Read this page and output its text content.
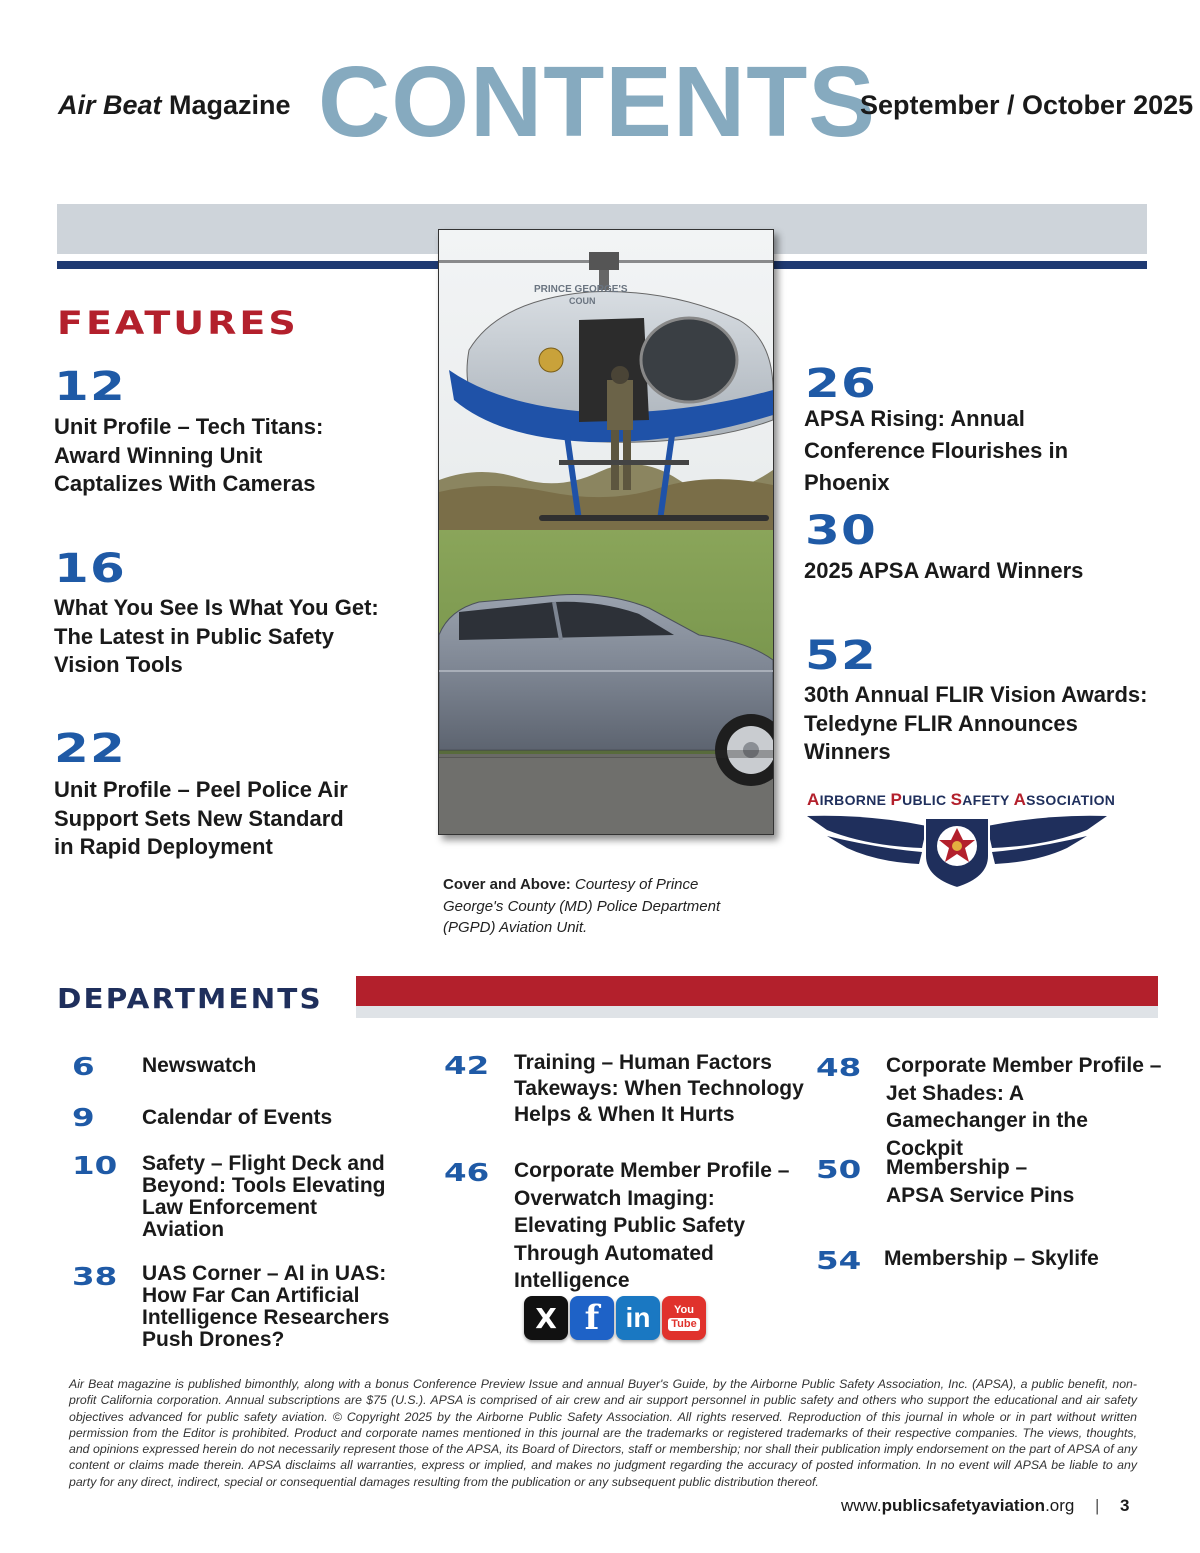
Air Beat Magazine CONTENTS
September / October 2025
FEATURES
12
Unit Profile – Tech Titans: Award Winning Unit Captalizes With Cameras
16
What You See Is What You Get: The Latest in Public Safety Vision Tools
22
Unit Profile – Peel Police Air Support Sets New Standard in Rapid Deployment
26
APSA Rising: Annual Conference Flourishes in Phoenix
30
2025 APSA Award Winners
52
30th Annual FLIR Vision Awards: Teledyne FLIR Announces Winners
PRINCE GEORGE'S
COUN
Cover and Above: Courtesy of Prince George's County (MD) Police Department (PGPD) Aviation Unit.
AIRBORNE PUBLIC SAFETY ASSOCIATION
DEPARTMENTS
6 Newswatch
9 Calendar of Events
10 Safety – Flight Deck and Beyond: Tools Elevating Law Enforcement Aviation
38 UAS Corner – AI in UAS: How Far Can Artificial Intelligence Researchers Push Drones?
42 Training – Human Factors Takeways: When Technology Helps & When It Hurts
46 Corporate Member Profile – Overwatch Imaging: Elevating Public Safety Through Automated Intelligence
48 Corporate Member Profile – Jet Shades: A Gamechanger in the Cockpit
50 Membership – APSA Service Pins
54 Membership – Skylife
X f in You
Tube
Air Beat magazine is published bimonthly, along with a bonus Conference Preview Issue and annual Buyer's Guide, by the Airborne Public Safety Association, Inc. (APSA), a public benefit, non-profit California corporation. Annual subscriptions are $75 (U.S.). APSA is comprised of air crew and air support personnel in public safety and others who support the educational and air safety objectives advanced for public safety aviation. © Copyright 2025 by the Airborne Public Safety Association. All rights reserved. Reproduction of this journal in whole or in part without written permission from the Editor is prohibited. Product and corporate names mentioned in this journal are the trademarks or registered trademarks of their respective companies. The views, thoughts, and opinions expressed herein do not necessarily represent those of the APSA, its Board of Directors, staff or membership; nor shall their publication imply endorsement on the part of APSA of any content or claims made therein. APSA disclaims all warranties, express or implied, and makes no judgment regarding the accuracy of posted information. In no event will APSA be liable to any party for any direct, indirect, special or consequential damages resulting from the publication or any subsequent public distribution thereof.
www.publicsafetyaviation.org | 3
